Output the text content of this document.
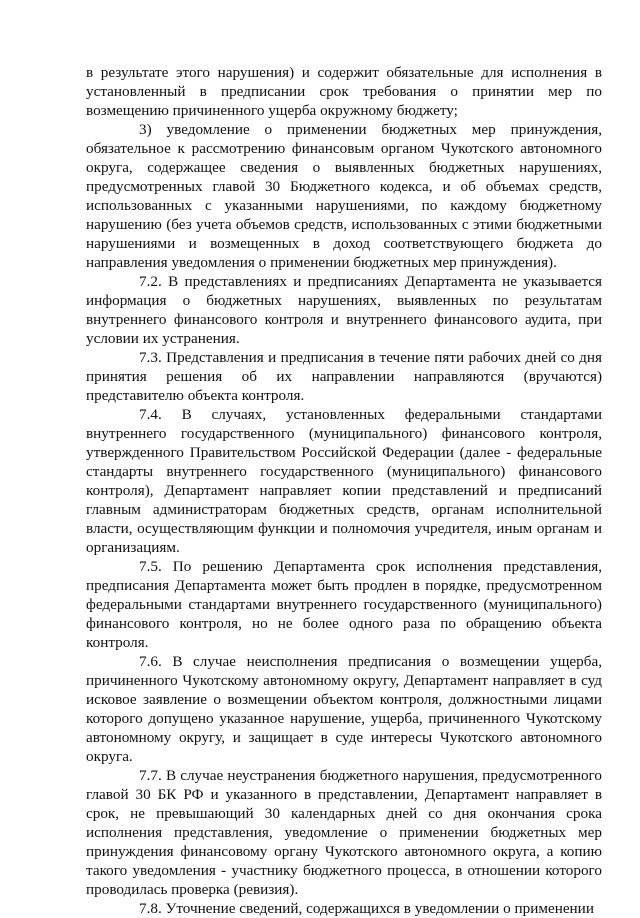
в результате этого нарушения) и содержит обязательные для исполнения в установленный в предписании срок требования о принятии мер по возмещению причиненного ущерба окружному бюджету;

3) уведомление о применении бюджетных мер принуждения, обязательное к рассмотрению финансовым органом Чукотского автономного округа, содержащее сведения о выявленных бюджетных нарушениях, предусмотренных главой 30 Бюджетного кодекса, и об объемах средств, использованных с указанными нарушениями, по каждому бюджетному нарушению (без учета объемов средств, использованных с этими бюджетными нарушениями и возмещенных в доход соответствующего бюджета до направления уведомления о применении бюджетных мер принуждения).

7.2. В представлениях и предписаниях Департамента не указывается информация о бюджетных нарушениях, выявленных по результатам внутреннего финансового контроля и внутреннего финансового аудита, при условии их устранения.

7.3. Представления и предписания в течение пяти рабочих дней со дня принятия решения об их направлении направляются (вручаются) представителю объекта контроля.

7.4. В случаях, установленных федеральными стандартами внутреннего государственного (муниципального) финансового контроля, утвержденного Правительством Российской Федерации (далее - федеральные стандарты внутреннего государственного (муниципального) финансового контроля), Департамент направляет копии представлений и предписаний главным администраторам бюджетных средств, органам исполнительной власти, осуществляющим функции и полномочия учредителя, иным органам и организациям.

7.5. По решению Департамента срок исполнения представления, предписания Департамента может быть продлен в порядке, предусмотренном федеральными стандартами внутреннего государственного (муниципального) финансового контроля, но не более одного раза по обращению объекта контроля.

7.6. В случае неисполнения предписания о возмещении ущерба, причиненного Чукотскому автономному округу, Департамент направляет в суд исковое заявление о возмещении объектом контроля, должностными лицами которого допущено указанное нарушение, ущерба, причиненного Чукотскому автономному округу, и защищает в суде интересы Чукотского автономного округа.

7.7. В случае неустранения бюджетного нарушения, предусмотренного главой 30 БК РФ и указанного в представлении, Департамент направляет в срок, не превышающий 30 календарных дней со дня окончания срока исполнения представления, уведомление о применении бюджетных мер принуждения финансовому органу Чукотского автономного округа, а копию такого уведомления - участнику бюджетного процесса, в отношении которого проводилась проверка (ревизия).

7.8. Уточнение сведений, содержащихся в уведомлении о применении
